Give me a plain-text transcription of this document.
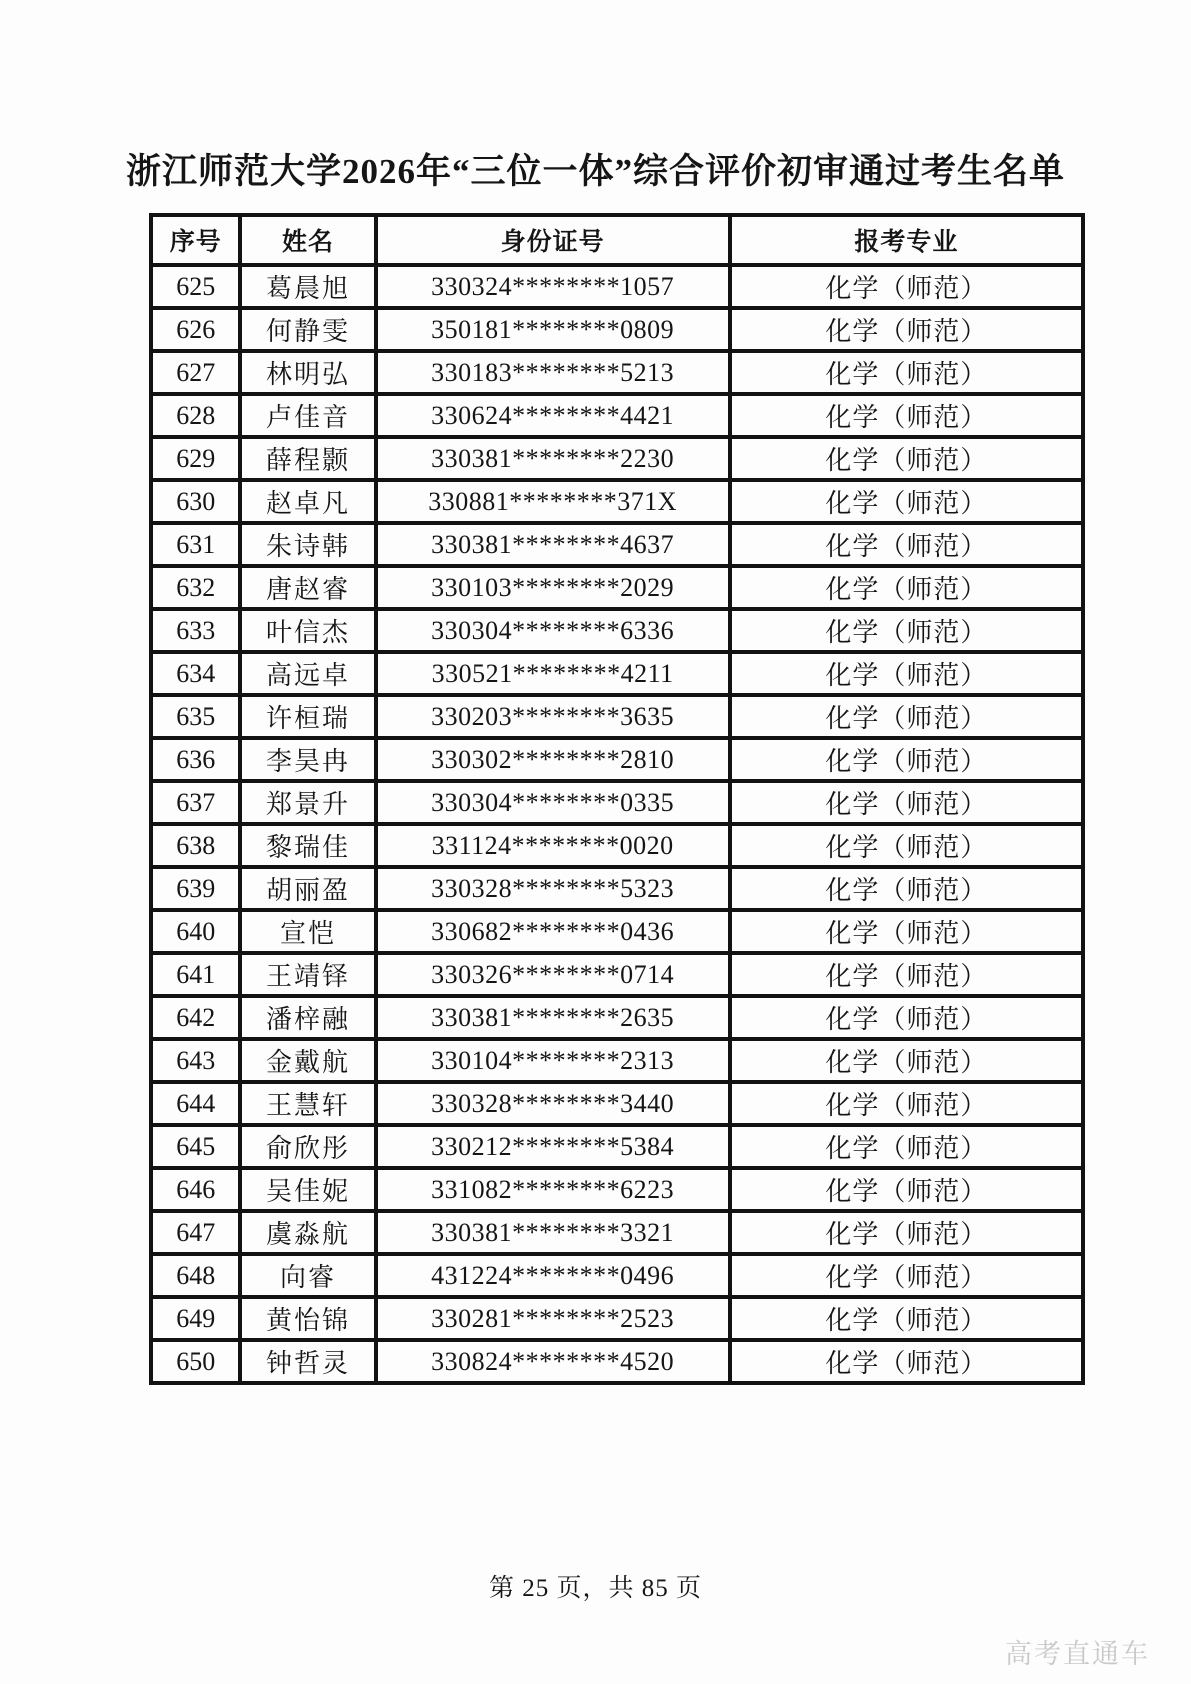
浙江师范大学2026年“三位一体”综合评价初审通过考生名单
序号	姓名	身份证号	报考专业
625	葛晨旭	330324********1057	化学（师范）
626	何静雯	350181********0809	化学（师范）
627	林明弘	330183********5213	化学（师范）
628	卢佳音	330624********4421	化学（师范）
629	薛程颢	330381********2230	化学（师范）
630	赵卓凡	330881********371X	化学（师范）
631	朱诗韩	330381********4637	化学（师范）
632	唐赵睿	330103********2029	化学（师范）
633	叶信杰	330304********6336	化学（师范）
634	高远卓	330521********4211	化学（师范）
635	许桓瑞	330203********3635	化学（师范）
636	李昊冉	330302********2810	化学（师范）
637	郑景升	330304********0335	化学（师范）
638	黎瑞佳	331124********0020	化学（师范）
639	胡丽盈	330328********5323	化学（师范）
640	宣恺	330682********0436	化学（师范）
641	王靖铎	330326********0714	化学（师范）
642	潘梓融	330381********2635	化学（师范）
643	金戴航	330104********2313	化学（师范）
644	王慧轩	330328********3440	化学（师范）
645	俞欣彤	330212********5384	化学（师范）
646	吴佳妮	331082********6223	化学（师范）
647	虞淼航	330381********3321	化学（师范）
648	向睿	431224********0496	化学（师范）
649	黄怡锦	330281********2523	化学（师范）
650	钟哲灵	330824********4520	化学（师范）
第 25 页，共 85 页
高考直通车
